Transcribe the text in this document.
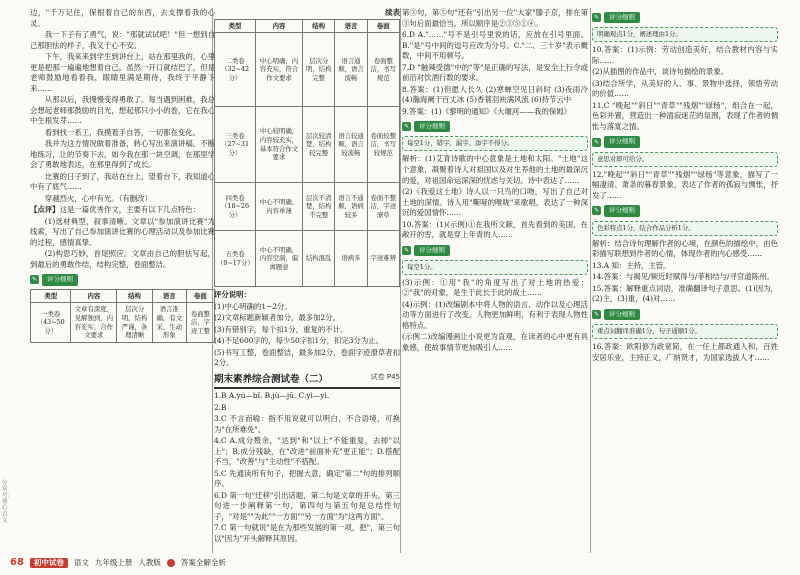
公众号：初心百文

边，"千万记住，保根着自己的东西，去支撑着我的心灵。

我一下子有了勇气，说："那就试试吧！"但一想到自己那胆怯的样子，我又于心不安。

下午，我来来到学生到讲台上，站在那里我的，心里更是把那一遍遍地想着自己。虽然一开口就结巴了，但是老师鼓励地看着我，眼睛里满是期待，我终于平静下来……

从那以后，我慢慢变得勇敢了。每当遇到困难，我总会想起老师那鼓励的目光，想起那只小小的卷，它在我心中生根发芽……

看到找一系工，我摸着手自答，一切都在变化。

我并为这方情况做着准备，转心写出来演讲稿，不断地练习，让的节奏下去，如今我在那一块空调，在那里学会了勇敢地表达，在那里得到了成长。

比赛的日子到了，我站在台上，望着台下，我知道心中有了底气……

穿越烈火，心中有光。（有删改）

【点评】这是一篇优秀作文，主要有以下几点特色：

(1)选材典型，叙事清晰。文章以"参加演讲比赛"为线索，写出了自己参加演讲比赛的心理活动以及参加比赛的过程，感情真挚。

(2)构思巧妙，首尾照应。文章由自己的胆怯写起，到最后的勇敢作结，结构完整，卷面整洁。

✎	评分细则
类型	内容	结构	语言	卷面
一类卷（43~50分）	文章有深度，见解独到，内容充实，合作文要求	层次分明，结构严谨，条理清晰	语言准确，有文采，生动形象	卷面整洁，字迹工整
续表
类型	内容	结构	语言	卷面
二类卷（32~42分）	中心明确，内容充实，符合作文要求	层次分明，结构完整	语言通顺，语言流畅	卷面整洁，书写规范
三类卷（27~31分）	中心较明确，内容较充实，基本符合作文要求	层次较清楚，结构较完整	语言较通顺，语言较流畅	卷面较整洁，书写较规范
四类卷（18~26分）	中心不明确，内容单薄	层次不清楚，结构不完整	语言不通顺，语病较多	卷面不整洁，字迹潦草
五类卷（0~17分）	中心不明确，内容空洞，偏离题意	结构混乱	语病多	字迹难辨

评分说明：

(1)中心明确的1~2分。

(2)文章标题新颖者加分，最多加2分。

(3)有错别字，每个扣1分，重复的不计。

(4)不足600字的，每少50字扣1分，扣完3分为止。

(5)书写工整，卷面整洁，最多加2分，卷面字迹潦草者扣2分。

期末素养综合测试卷（二）	试卷 P45

1.B A.yú—bǐ. B.jù—jū. C.yì—yì.

2.B

3.C 不言而喻：指不用说就可以明白，不合语境，可换为"在所难免"。

4.C A.成分赘余，"达到"和"以上"不能重复，去掉"以上"；B.成分残缺，在"改进"前面补充"更正能"；D.搭配不当，"改善"与"主动性"不搭配。

5.C 先通读所有句子，把握大意，确定"第二"句的排列顺序。

6.D 第一句"迁移"引出话题，第二句是文章的开头，第三句进一步阐释第一句，第四句与第五句是总结性句子，"对是""为此""一方面""另一方面"为"这两方面"。

7.C 第一句就说"是在为那些发展的第一项，把"，第三句以"因为"开头解释其原因。

第③句，第⑤句"还有"引出另一位"大家"滕子京，排在第③句后面最恰当。所以顺序是②③⑤①④。

6.D A."……"号不是引号里说的话，应放在引号里面。B."是"号中间的逗号应改为分号。C."二、三十岁"表示概数，中间不用顿号。

7.D "触辣受德"中的"等"是正确的写法，是安全上行令或前沿对饮酒行数的要求。

8.答案：(1)但愿人长久 (2)寒蝉空见日斜时 (3)夜雨冷 (4)瀚海阑干百丈冰 (5)香蓑羽袂满风流 (6)持节云中

9.答案：(1)《黎明的通知》《大堰河——我的保姆》

✎	评分细则
每空1分，错字、漏字、添字不得分。

解析：(1)艾青诗歌的中心意象是土地和太阳。"土地"这个意象，凝聚着诗人对祖国以及对生养他的土地的最深沉的爱，对祖国命运深深的忧虑与关切。诗中表达了……

(2)《我爱这土地》诗人以一只鸟的口吻，写出了自己对土地的深情。诗人用"嘶哑的喉咙"来歌唱，表达了一种深沉的爱国情怀……

10.答案：(1)(示例)①在我所文献，首先看到的美国，在敞开的雪，就是穿上年青的人……

✎	评分细则
每空1分。

(3)示例：①用"我"的角度写出了对土地的热爱；②"我"的对象，是生于此长于此的故土……

(4)示例：(1)改编剧本中将人物的语言、动作以及心理活动等方面进行了改变，人物更加鲜明，有利于表现人物性格特点。

(示例二)改编漫画让小说更为直观，在读者的心中更有具象感，使故事情节更加吸引人……

✎	评分细则
明确观点1分，阐述理由1分。

10.答案：(1)示例：劳动创造美好，结合教材内容与实际……

(2)从插图的作品中，谈诗句描绘的景象。

(3)结合所学，从美好的人、事、景物中选择，领悟劳动的价值……

11.C "晚起""斜日""青草""残烟""绿杨"，组合在一起，色彩并置，营造出一种清寂迷茫的氛围，表现了作者的惆怅与落寞之情。

✎	评分细则
意思对即可给分。

12."晚起""斜日""青草""残烟""绿杨"等意象，描写了一幅凄清、萧条的暮春景象，表达了作者的孤寂与惆怅，抒发了……

✎	评分细则
色彩特点1分，结合作品分析1分。

解析：结合诗句理解作者的心境，在颜色的描绘中，由色彩描写联想到作者的心情，体现作者的内心感受……

13.A 知：主持，主管。

14.答案：与揭见/频近时赋得与/菲相结与/寻官道陈州。

15.答案：解释重点词语，准确翻译句子意思。(1)因为，(2)主，(3)重，(4)对……

✎	评分细则
重点词翻译准确1分，句子通顺1分。

16.答案：欧阳修为政宽简，在一任上都政通人和，百姓安居乐业，主持正义，广纳贤才，为国家选拔人才……

68	初中试卷	语文 九年级上册 人教版	答案全解全析
